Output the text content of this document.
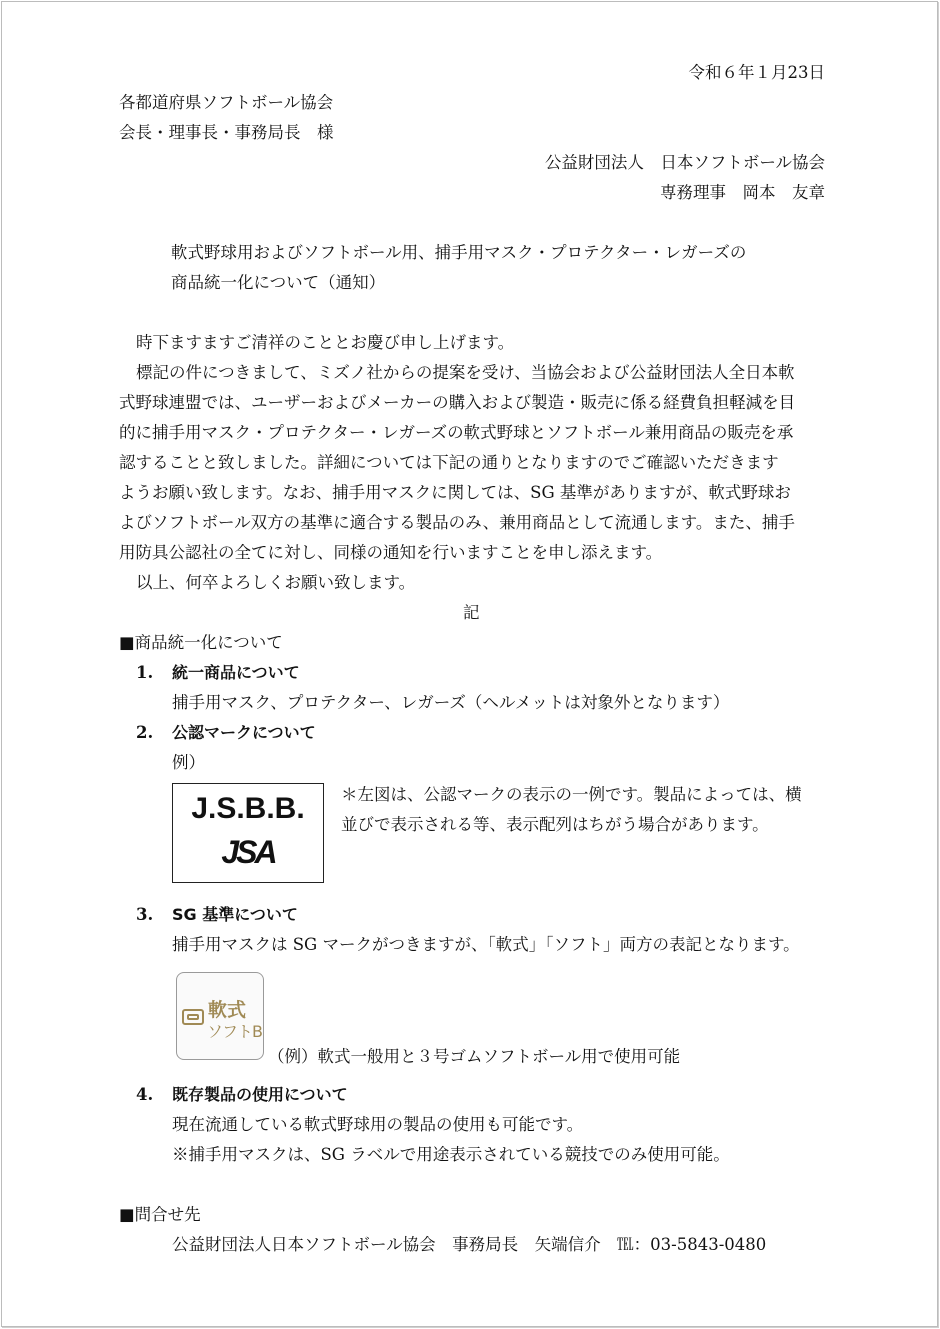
令和６年１月23日
各都道府県ソフトボール協会
会長・理事長・事務局長　様
公益財団法人　日本ソフトボール協会
専務理事　岡本　友章
軟式野球用およびソフトボール用、捕手用マスク・プロテクター・レガーズの
商品統一化について（通知）
時下ますますご清祥のこととお慶び申し上げます。
標記の件につきまして、ミズノ社からの提案を受け、当協会および公益財団法人全日本軟
式野球連盟では、ユーザーおよびメーカーの購入および製造・販売に係る経費負担軽減を目
的に捕手用マスク・プロテクター・レガーズの軟式野球とソフトボール兼用商品の販売を承
認することと致しました。詳細については下記の通りとなりますのでご確認いただきます
ようお願い致します。なお、捕手用マスクに関しては、SG 基準がありますが、軟式野球お
よびソフトボール双方の基準に適合する製品のみ、兼用商品として流通します。また、捕手
用防具公認社の全てに対し、同様の通知を行いますことを申し添えます。
以上、何卒よろしくお願い致します。
記
■商品統一化について
1. 統一商品について
捕手用マスク、プロテクター、レガーズ（ヘルメットは対象外となります）
2. 公認マークについて
例）
J.S.B.B.
JSA
＊左図は、公認マークの表示の一例です。製品によっては、横
並びで表示される等、表示配列はちがう場合があります。
3. SG 基準について
捕手用マスクは SG マークがつきますが、「軟式」「ソフト」両方の表記となります。
軟式
ソフトB
（例）軟式一般用と３号ゴムソフトボール用で使用可能
4. 既存製品の使用について
現在流通している軟式野球用の製品の使用も可能です。
※捕手用マスクは、SG ラベルで用途表示されている競技でのみ使用可能。
■問合せ先
公益財団法人日本ソフトボール協会　事務局長　矢端信介　℡：03-5843-0480
